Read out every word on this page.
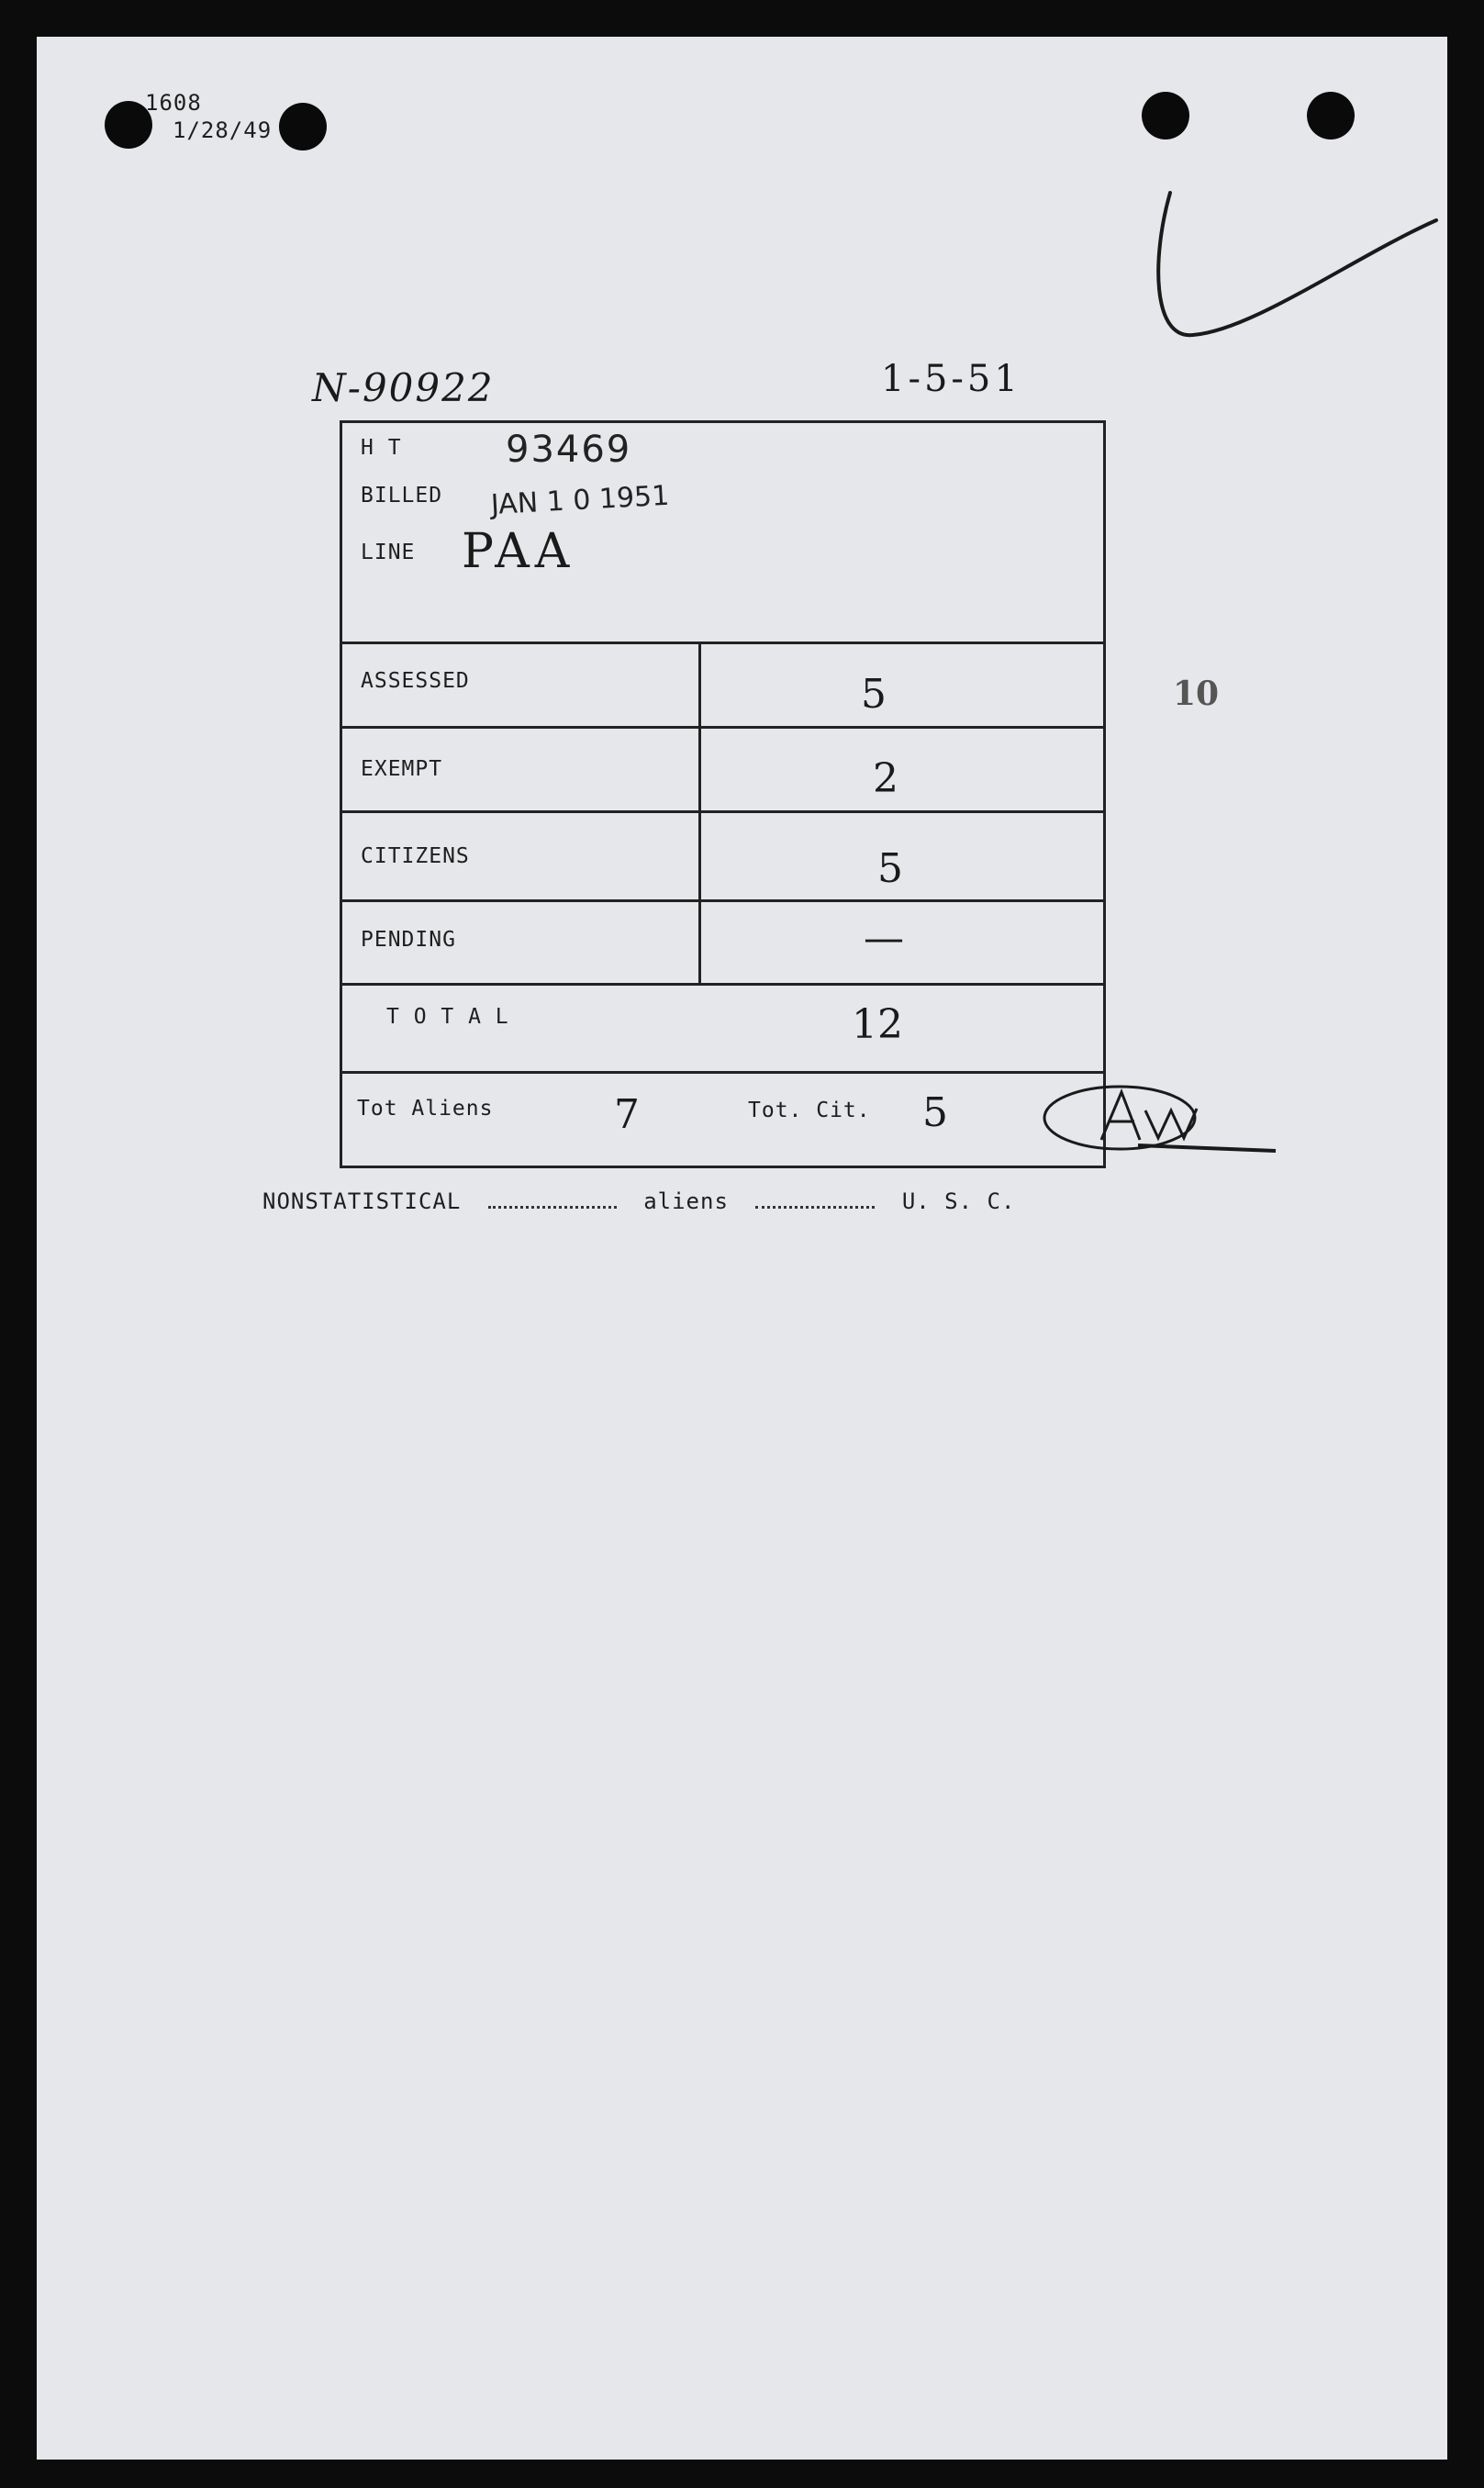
1608
1/28/49
N-90922	1-5-51
10
H T	93469
BILLED JAN 1 0 1951
LINE PAA
ASSESSED	5
EXEMPT	2
CITIZENS	5
PENDING	—
T O T A L	12
Tot Aliens	7	Tot. Cit. 5
NONSTATISTICAL	aliens	U. S. C.
